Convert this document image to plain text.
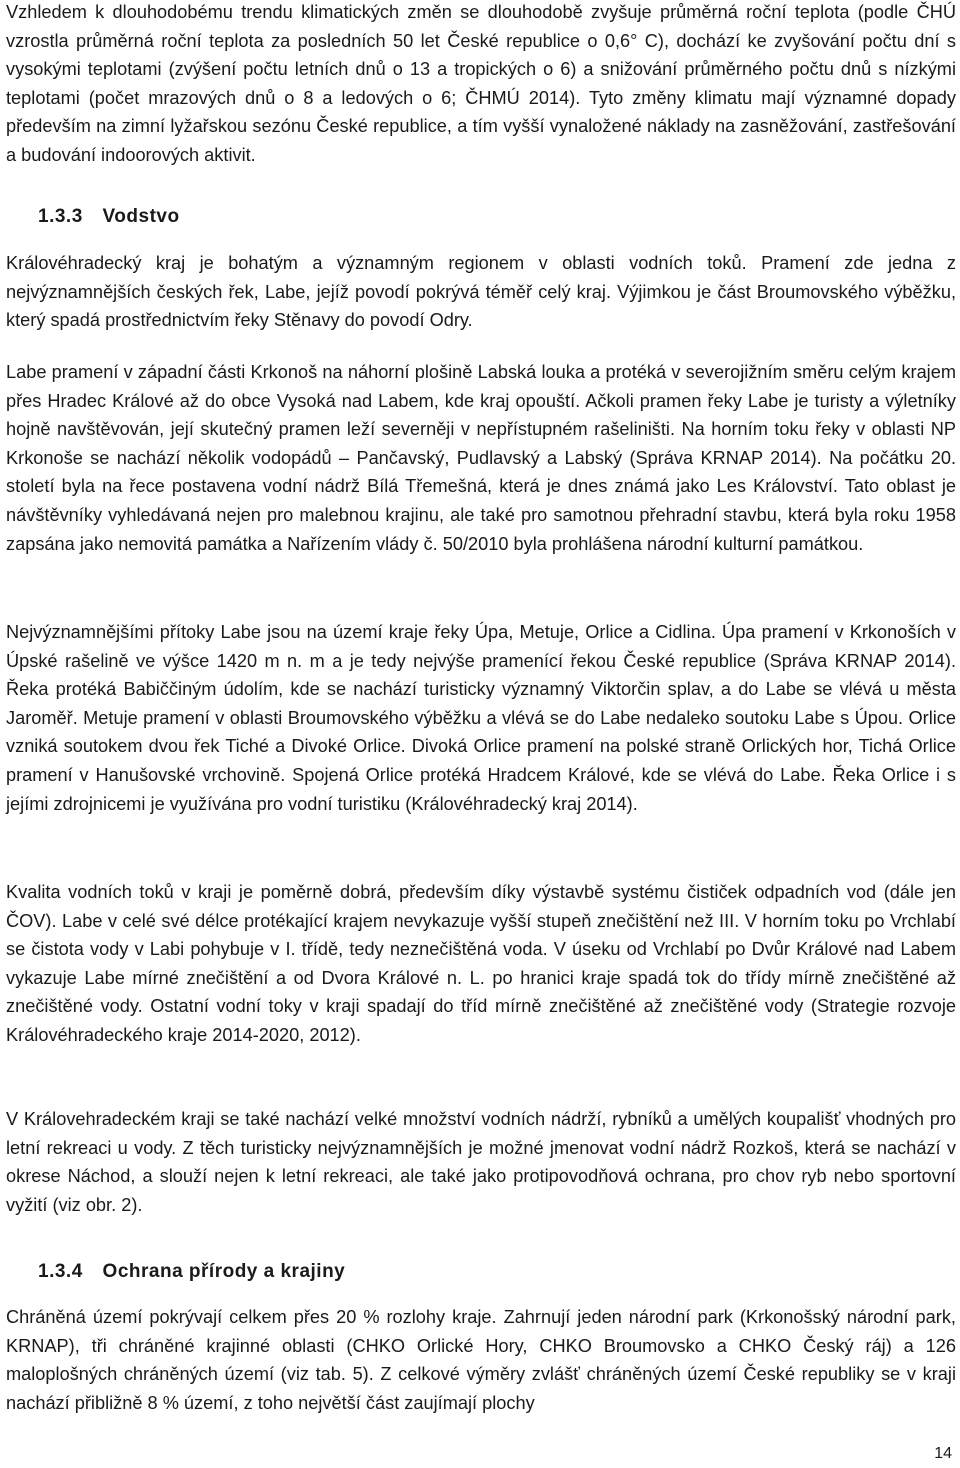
Vzhledem k dlouhodobému trendu klimatických změn se dlouhodobě zvyšuje průměrná roční teplota (podle ČHÚ vzrostla průměrná roční teplota za posledních 50 let České republice o 0,6° C), dochází ke zvyšování počtu dní s vysokými teplotami (zvýšení počtu letních dnů o 13 a tropických o 6) a snižování průměrného počtu dnů s nízkými teplotami (počet mrazových dnů o 8 a ledových o 6; ČHMÚ 2014). Tyto změny klimatu mají významné dopady především na zimní lyžařskou sezónu České republice, a tím vyšší vynaložené náklady na zasněžování, zastřešování a budování indoorových aktivit.

1.3.3 Vodstvo

Královéhradecký kraj je bohatým a významným regionem v oblasti vodních toků. Pramení zde jedna z nejvýznamnějších českých řek, Labe, jejíž povodí pokrývá téměř celý kraj. Výjimkou je část Broumovského výběžku, který spadá prostřednictvím řeky Stěnavy do povodí Odry.

Labe pramení v západní části Krkonoš na náhorní plošině Labská louka a protéká v severojižním směru celým krajem přes Hradec Králové až do obce Vysoká nad Labem, kde kraj opouští. Ačkoli pramen řeky Labe je turisty a výletníky hojně navštěvován, její skutečný pramen leží severněji v nepřístupném rašeliništi. Na horním toku řeky v oblasti NP Krkonoše se nachází několik vodopádů – Pančavský, Pudlavský a Labský (Správa KRNAP 2014). Na počátku 20. století byla na řece postavena vodní nádrž Bílá Třemešná, která je dnes známá jako Les Království. Tato oblast je návštěvníky vyhledávaná nejen pro malebnou krajinu, ale také pro samotnou přehradní stavbu, která byla roku 1958 zapsána jako nemovitá památka a Nařízením vlády č. 50/2010 byla prohlášena národní kulturní památkou.

Nejvýznamnějšími přítoky Labe jsou na území kraje řeky Úpa, Metuje, Orlice a Cidlina. Úpa pramení v Krkonoších v Úpské rašelině ve výšce 1420 m n. m a je tedy nejvýše pramenící řekou České republice (Správa KRNAP 2014). Řeka protéká Babiččiným údolím, kde se nachází turisticky významný Viktorčin splav, a do Labe se vlévá u města Jaroměř. Metuje pramení v oblasti Broumovského výběžku a vlévá se do Labe nedaleko soutoku Labe s Úpou. Orlice vzniká soutokem dvou řek Tiché a Divoké Orlice. Divoká Orlice pramení na polské straně Orlických hor, Tichá Orlice pramení v Hanušovské vrchovině. Spojená Orlice protéká Hradcem Králové, kde se vlévá do Labe. Řeka Orlice i s jejími zdrojnicemi je využívána pro vodní turistiku (Královéhradecký kraj 2014).

Kvalita vodních toků v kraji je poměrně dobrá, především díky výstavbě systému čističek odpadních vod (dále jen ČOV). Labe v celé své délce protékající krajem nevykazuje vyšší stupeň znečištění než III. V horním toku po Vrchlabí se čistota vody v Labi pohybuje v I. třídě, tedy neznečištěná voda. V úseku od Vrchlabí po Dvůr Králové nad Labem vykazuje Labe mírné znečištění a od Dvora Králové n. L. po hranici kraje spadá tok do třídy mírně znečištěné až znečištěné vody. Ostatní vodní toky v kraji spadají do tříd mírně znečištěné až znečištěné vody (Strategie rozvoje Královéhradeckého kraje 2014-2020, 2012).

V Královehradeckém kraji se také nachází velké množství vodních nádrží, rybníků a umělých koupališť vhodných pro letní rekreaci u vody. Z těch turisticky nejvýznamnějších je možné jmenovat vodní nádrž Rozkoš, která se nachází v okrese Náchod, a slouží nejen k letní rekreaci, ale také jako protipovodňová ochrana, pro chov ryb nebo sportovní vyžití (viz obr. 2).

1.3.4 Ochrana přírody a krajiny

Chráněná území pokrývají celkem přes 20 % rozlohy kraje. Zahrnují jeden národní park (Krkonošský národní park, KRNAP), tři chráněné krajinné oblasti (CHKO Orlické Hory, CHKO Broumovsko a CHKO Český ráj) a 126 maloplošných chráněných území (viz tab. 5). Z celkové výměry zvlášť chráněných území České republiky se v kraji nachází přibližně 8 % území, z toho největší část zaujímají plochy

14
